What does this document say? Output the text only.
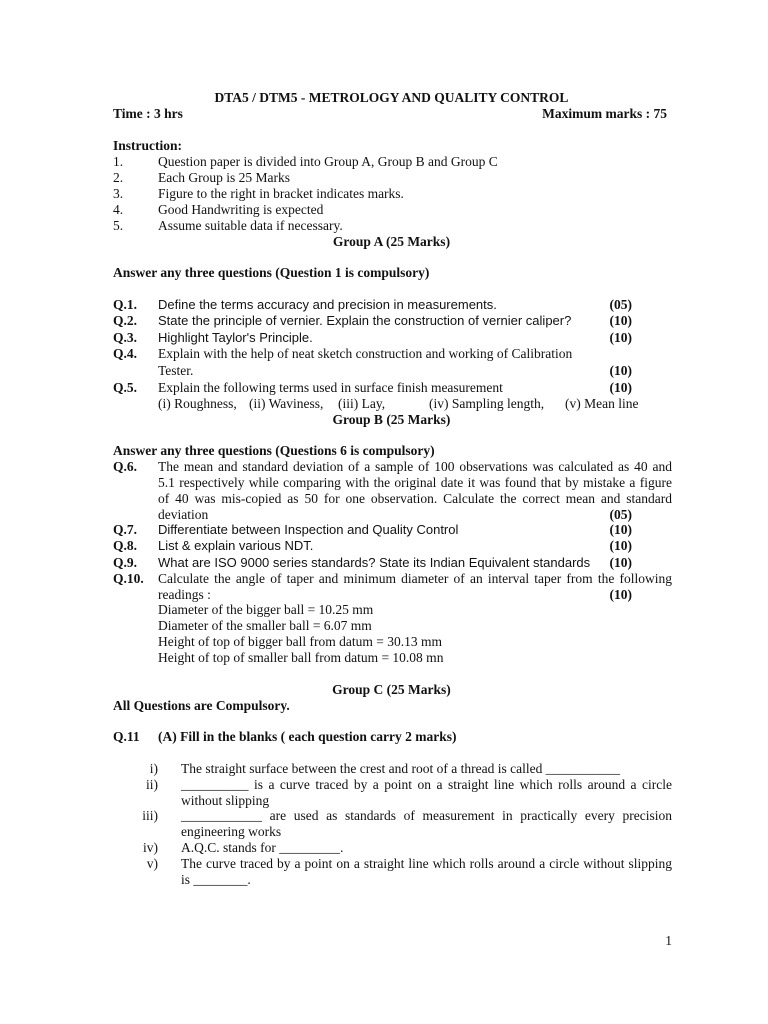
DTA5 / DTM5 - METROLOGY AND QUALITY CONTROL
Time : 3 hrs	Maximum marks : 75
Instruction:
1.	Question paper is divided into Group A, Group B and Group C
2.	Each Group is 25 Marks
3.	Figure to the right in bracket indicates marks.
4.	Good Handwriting is expected
5.	Assume suitable data if necessary.
Group A (25 Marks)
Answer any three questions (Question 1 is compulsory)
Q.1. Define the terms accuracy and precision in measurements.	(05)
Q.2. State the principle of vernier. Explain the construction of vernier caliper?	(10)
Q.3. Highlight Taylor's Principle.	(10)
Q.4. Explain with the help of neat sketch construction and working of Calibration
Tester.	(10)
Q.5. Explain the following terms used in surface finish measurement	(10)
(i) Roughness, (ii) Waviness, (iii) Lay,	(iv) Sampling length, (v) Mean line
Group B (25 Marks)
Answer any three questions (Questions 6 is compulsory)
Q.6. The mean and standard deviation of a sample of 100 observations was calculated as 40 and
5.1 respectively while comparing with the original date it was found that by mistake a figure
of 40 was mis-copied as 50 for one observation. Calculate the correct mean and standard
deviation	(05)
Q.7. Differentiate between Inspection and Quality Control	(10)
Q.8. List & explain various NDT.	(10)
Q.9. What are ISO 9000 series standards? State its Indian Equivalent standards (10)
Q.10. Calculate the angle of taper and minimum diameter of an interval taper from the following
readings :	(10)
Diameter of the bigger ball = 10.25 mm
Diameter of the smaller ball = 6.07 mm
Height of top of bigger ball from datum = 30.13 mm
Height of top of smaller ball from datum = 10.08 mn
Group C (25 Marks)
All Questions are Compulsory.
Q.11 (A) Fill in the blanks ( each question carry 2 marks)
i) The straight surface between the crest and root of a thread is called ___________
ii) __________ is a curve traced by a point on a straight line which rolls around a circle
without slipping
iii) ____________ are used as standards of measurement in practically every precision
engineering works
iv) A.Q.C. stands for _________.
v) The curve traced by a point on a straight line which rolls around a circle without slipping
is ________.
1
